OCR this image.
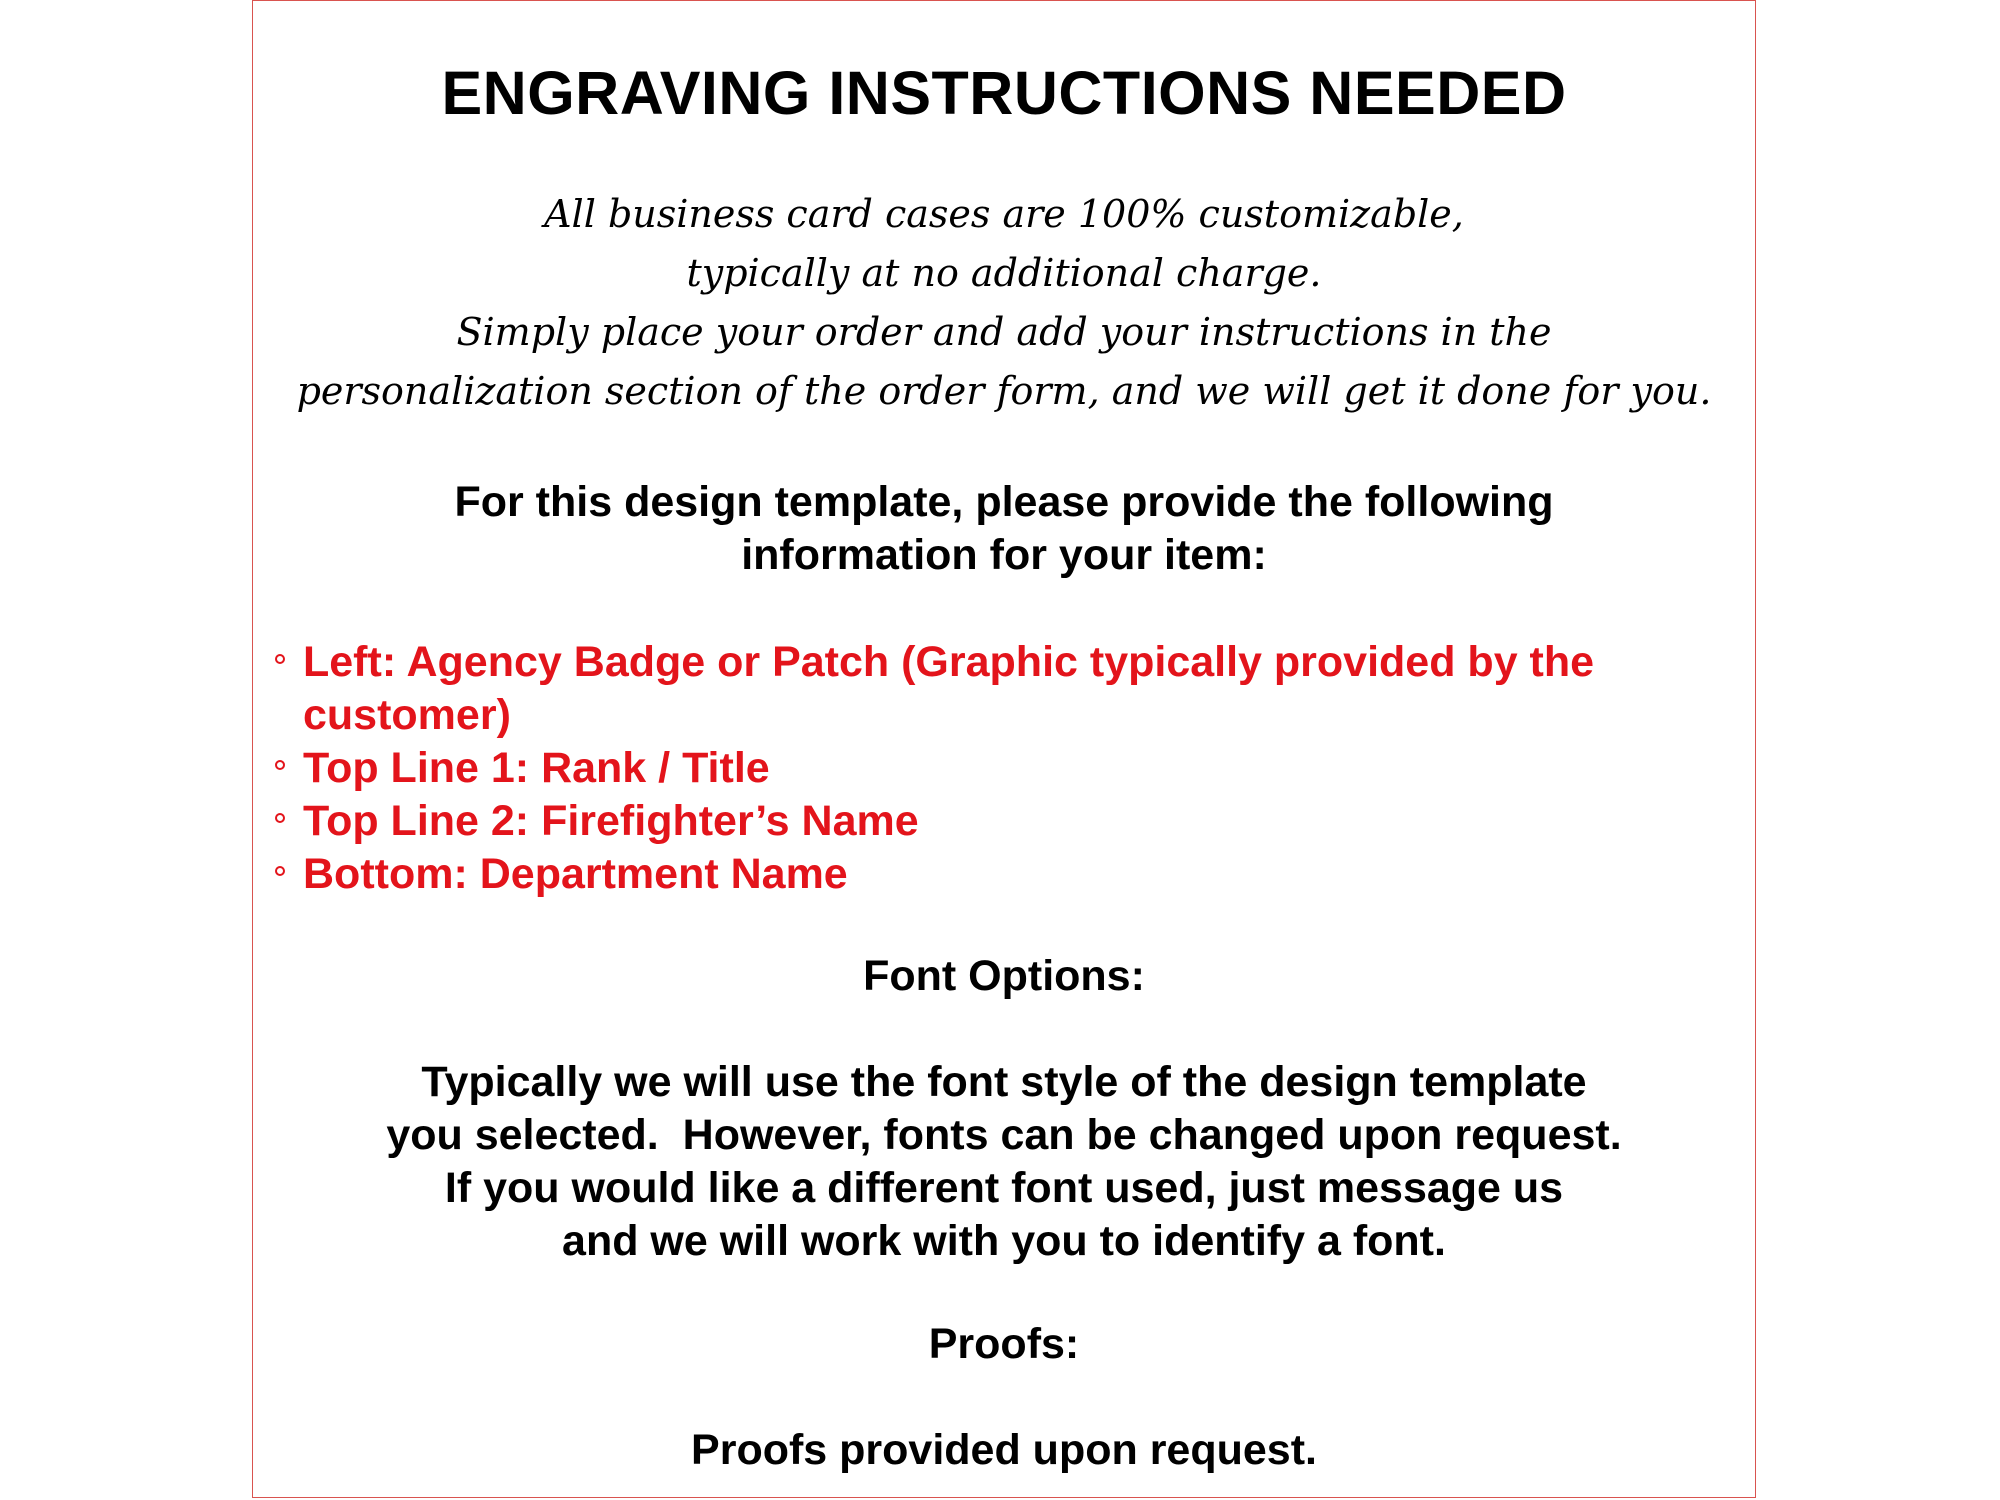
ENGRAVING INSTRUCTIONS NEEDED
All business card cases are 100% customizable,
typically at no additional charge.
Simply place your order and add your instructions in the
personalization section of the order form, and we will get it done for you.
For this design template, please provide the following
information for your item:
Left: Agency Badge or Patch (Graphic typically provided by the customer)
Top Line 1: Rank / Title
Top Line 2: Firefighter’s Name
Bottom: Department Name
Font Options:
Typically we will use the font style of the design template
you selected.  However, fonts can be changed upon request.
If you would like a different font used, just message us
and we will work with you to identify a font.
Proofs:
Proofs provided upon request.
